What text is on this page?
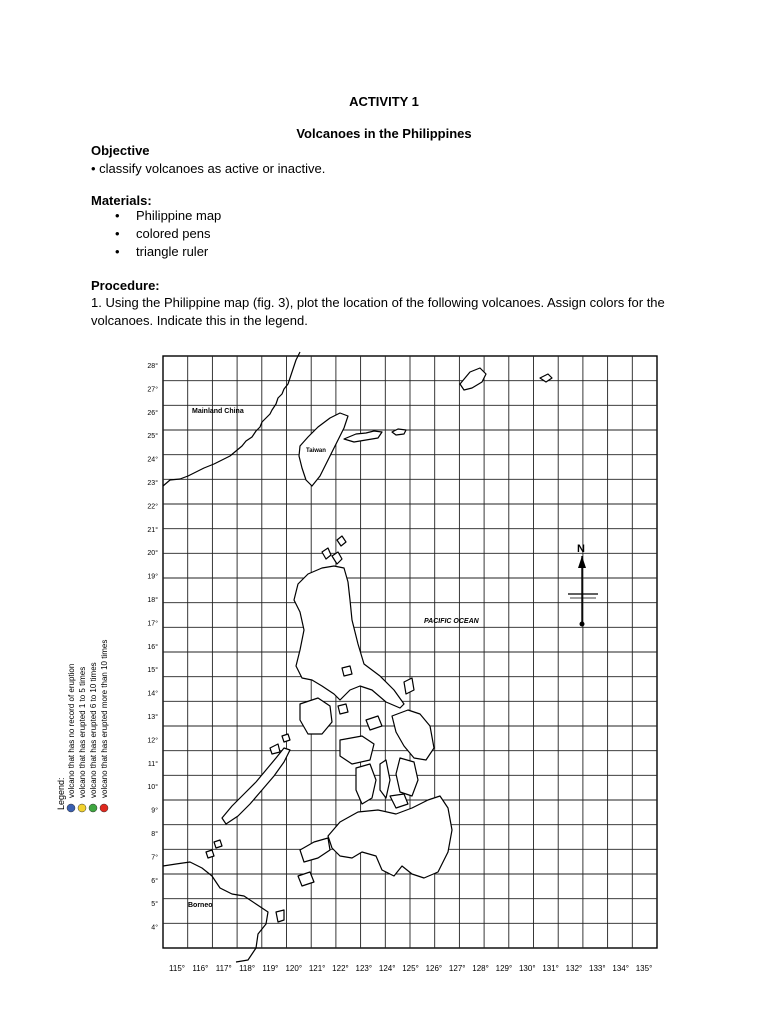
ACTIVITY 1
Volcanoes in the Philippines
Objective
• classify volcanoes as active or inactive.
Materials:
• Philippine map
• colored pens
• triangle ruler
Procedure:
1. Using the Philippine map (fig. 3), plot the location of the following volcanoes. Assign colors for the volcanoes. Indicate this in the legend.
28°
27°
26°
25°
24°
23°
22°
21°
20°
19°
18°
17°
16°
15°
14°
13°
12°
11°
10°
9°
8°
7°
6°
5°
4°
115° 116° 117° 118° 119° 120° 121° 122° 123° 124° 125° 126° 127° 128° 129° 130° 131° 132° 133° 134° 135°
Mainland China
Taiwan
PACIFIC OCEAN
Borneo
N
Legend: volcano that has no record of eruption volcano that has erupted 1 to 5 times volcano that has erupted 6 to 10 times volcano that has erupted more than 10 times
